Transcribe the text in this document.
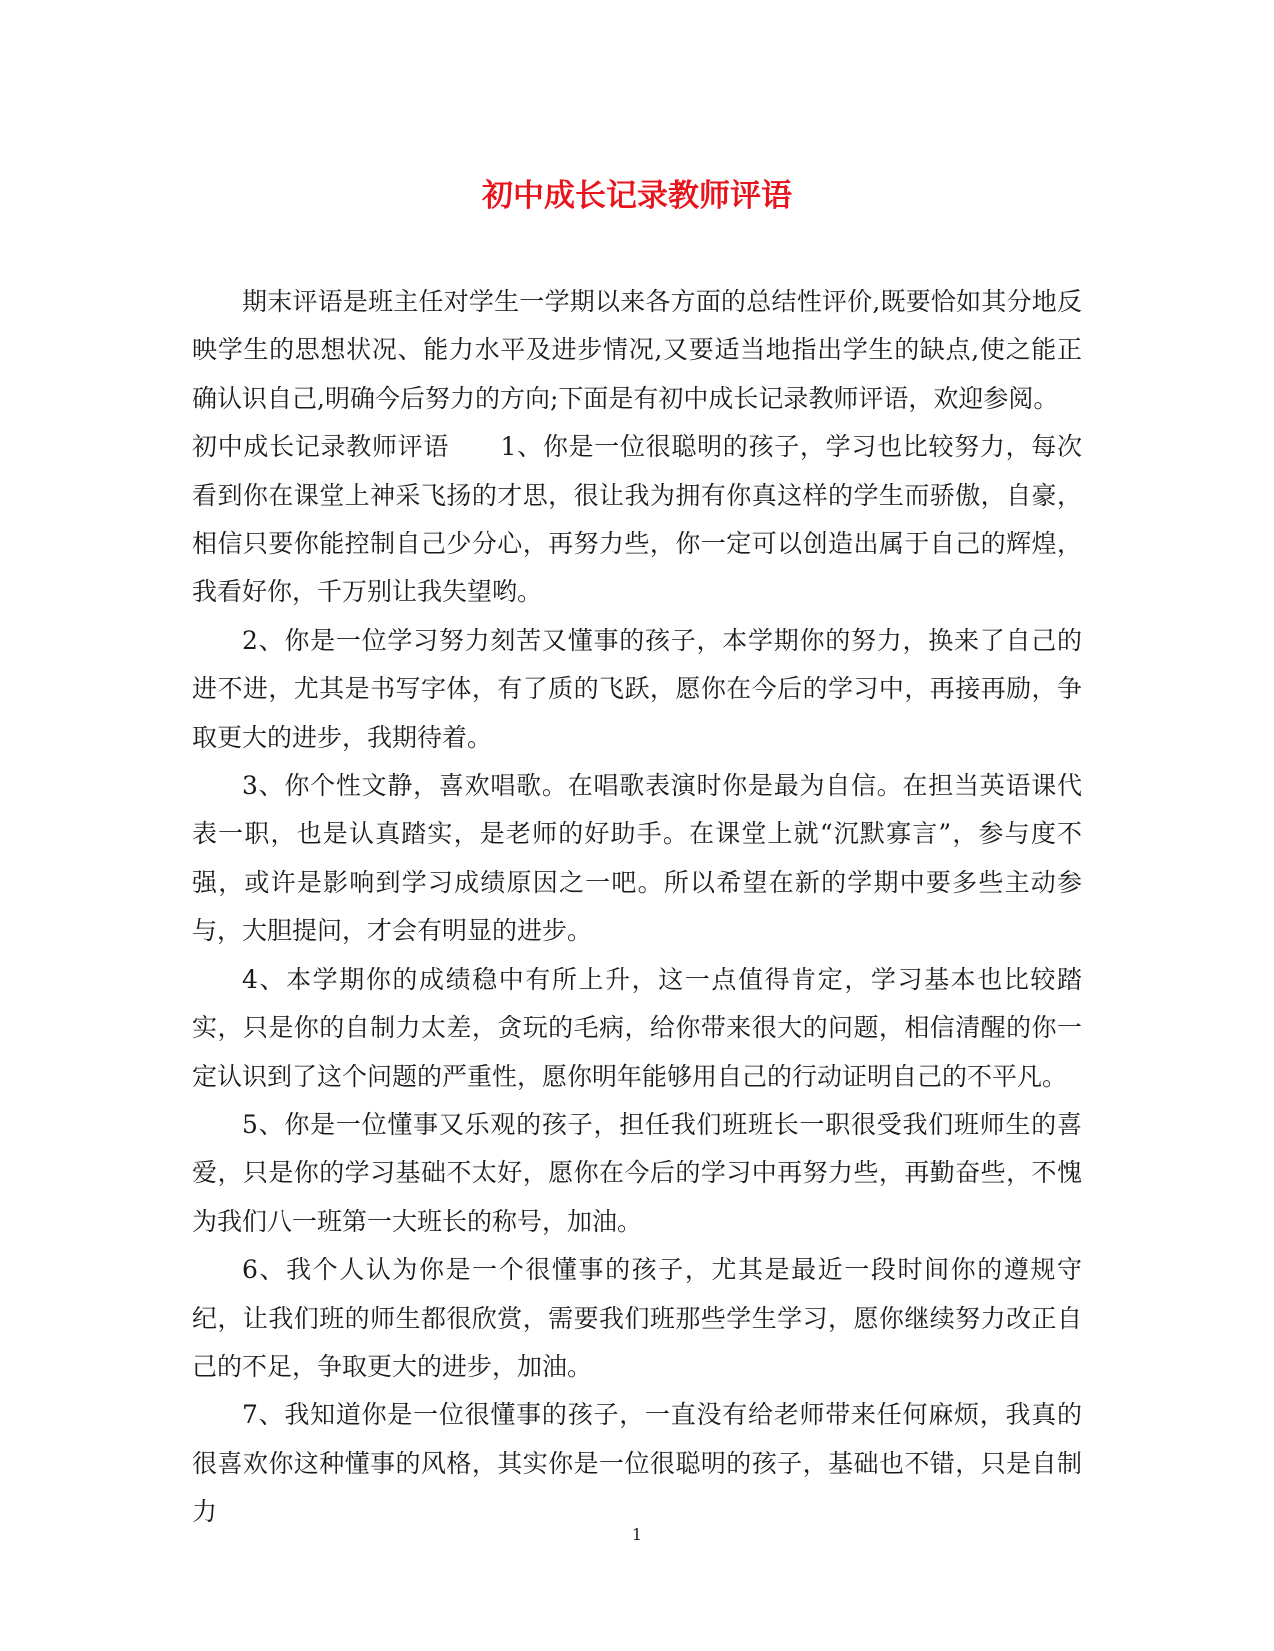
初中成长记录教师评语

期末评语是班主任对学生一学期以来各方面的总结性评价,既要恰如其分地反映学生的思想状况、能力水平及进步情况,又要适当地指出学生的缺点,使之能正确认识自己,明确今后努力的方向;下面是有初中成长记录教师评语，欢迎参阅。

初中成长记录教师评语　　1、你是一位很聪明的孩子，学习也比较努力，每次看到你在课堂上神采飞扬的才思，很让我为拥有你真这样的学生而骄傲，自豪，相信只要你能控制自己少分心，再努力些，你一定可以创造出属于自己的辉煌，我看好你，千万别让我失望哟。

2、你是一位学习努力刻苦又懂事的孩子，本学期你的努力，换来了自己的进不进，尤其是书写字体，有了质的飞跃，愿你在今后的学习中，再接再励，争取更大的进步，我期待着。

3、你个性文静，喜欢唱歌。在唱歌表演时你是最为自信。在担当英语课代表一职，也是认真踏实，是老师的好助手。在课堂上就“沉默寡言”，参与度不强，或许是影响到学习成绩原因之一吧。所以希望在新的学期中要多些主动参与，大胆提问，才会有明显的进步。

4、本学期你的成绩稳中有所上升，这一点值得肯定，学习基本也比较踏实，只是你的自制力太差，贪玩的毛病，给你带来很大的问题，相信清醒的你一定认识到了这个问题的严重性，愿你明年能够用自己的行动证明自己的不平凡。

5、你是一位懂事又乐观的孩子，担任我们班班长一职很受我们班师生的喜爱，只是你的学习基础不太好，愿你在今后的学习中再努力些，再勤奋些，不愧为我们八一班第一大班长的称号，加油。

6、我个人认为你是一个很懂事的孩子，尤其是最近一段时间你的遵规守纪，让我们班的师生都很欣赏，需要我们班那些学生学习，愿你继续努力改正自己的不足，争取更大的进步，加油。

7、我知道你是一位很懂事的孩子，一直没有给老师带来任何麻烦，我真的很喜欢你这种懂事的风格，其实你是一位很聪明的孩子，基础也不错，只是自制力

1
